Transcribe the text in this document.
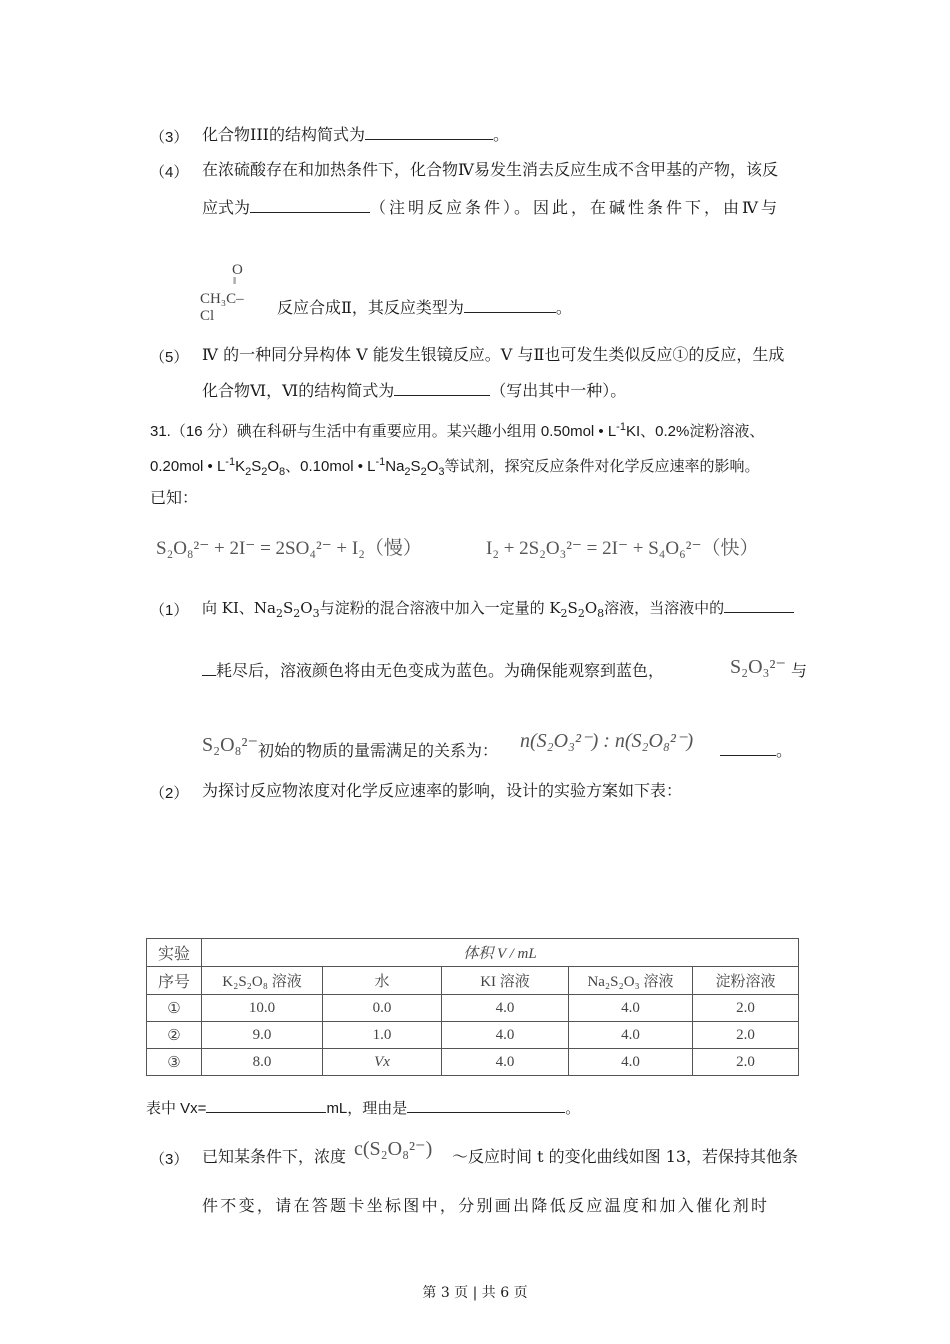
（3） 化合物III的结构简式为	。
（4） 在浓硫酸存在和加热条件下，化合物Ⅳ易发生消去反应生成不含甲基的产物，该反
应式为	（注明反应条件）。因此，在碱性条件下，由Ⅳ与
O
‖
CH₃C–Cl	反应合成Ⅱ，其反应类型为	。
（5） Ⅳ 的一种同分异构体 V 能发生银镜反应。V 与Ⅱ也可发生类似反应①的反应，生成
化合物Ⅵ，Ⅵ的结构简式为	（写出其中一种）。
31.（16 分）碘在科研与生活中有重要应用。某兴趣小组用 0.50mol • $L^{-1}KI$、0.2%淀粉溶液、
0.20mol • $L^{-1}K_2S_2O_8$、0.10mol • $L^{-1}Na_2S_2O_3$等试剂，探究反应条件对化学反应速率的影响。
已知：
S₂O₈²⁻ + 2I⁻ = 2SO₄²⁻ + I₂（慢）	I₂ + 2S₂O₃²⁻ = 2I⁻ + S₄O₆²⁻（快）
（1） 向 KI、$Na_2S_2O_3$与淀粉的混合溶液中加入一定量的 $K_2S_2O_8$溶液，当溶液中的
耗尽后，溶液颜色将由无色变成为蓝色。为确保能观察到蓝色，	S₂O₃²⁻ 与
S₂O₈²⁻ 初始的物质的量需满足的关系为： n(S₂O₃²⁻) : n(S₂O₈²⁻)	。
（2） 为探讨反应物浓度对化学反应速率的影响，设计的实验方案如下表：
实验	体积 V / mL				
序号	K₂S₂O₈ 溶液	水	KI 溶液	Na₂S₂O₃ 溶液	淀粉溶液
①	10.0	0.0	4.0	4.0	2.0
②	9.0	1.0	4.0	4.0	2.0
③	8.0	Vx	4.0	4.0	2.0
表中 Vx=	mL，理由是	。
（3） 已知某条件下，浓度 c(S₂O₈²⁻) ～反应时间 t 的变化曲线如图 13，若保持其他条
件不变，请在答题卡坐标图中，分别画出降低反应温度和加入催化剂时
第 3 页 | 共 6 页
